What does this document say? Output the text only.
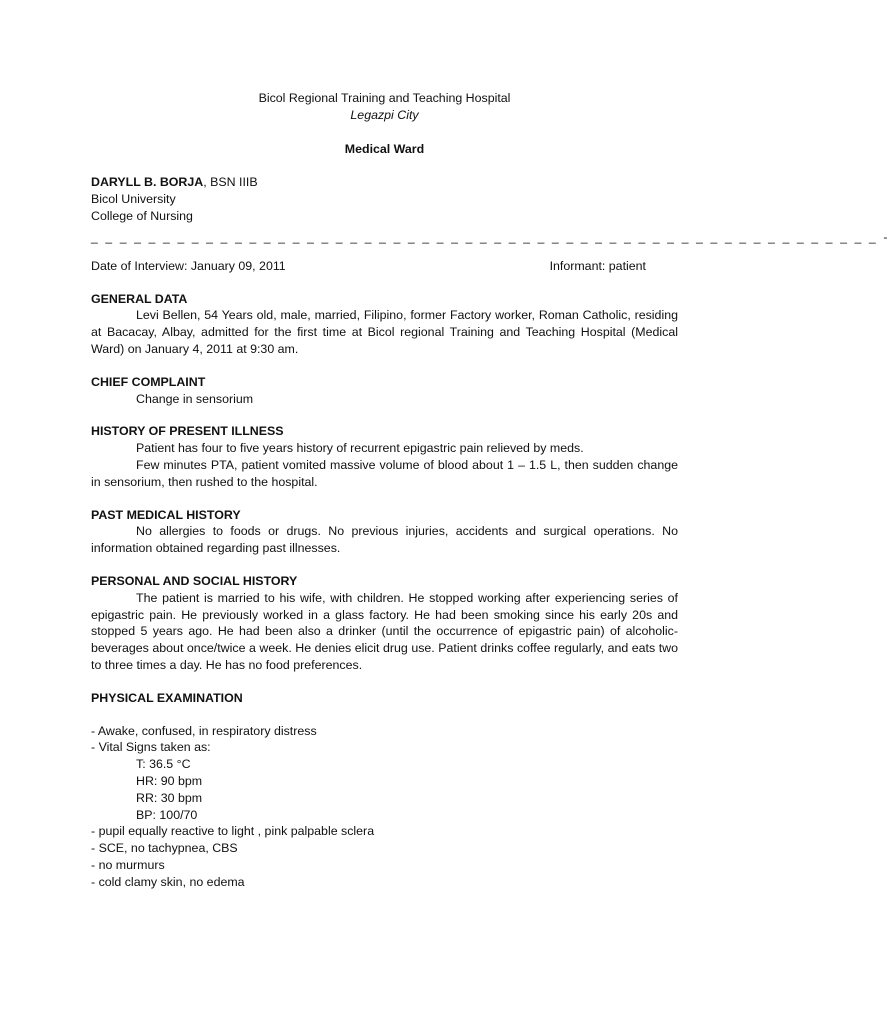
Bicol Regional Training and Teaching Hospital
Legazpi City
Medical Ward
DARYLL B. BORJA, BSN IIIB
Bicol University
College of Nursing
_ _ _ _ _ _ _ _ _ _ _ _ _ _ _ _ _ _ _ _ _ _ _ _ _ _ _ _ _ _ _ _ _ _ _ _ _ _ _ _ _ _ _ _ _ _ _ _ _ _ _ _ _ _ _ -
Date of Interview: January 09, 2011	Informant: patient
GENERAL DATA
Levi Bellen, 54 Years old, male, married, Filipino, former Factory worker, Roman Catholic, residing at Bacacay, Albay, admitted for the first time at Bicol regional Training and Teaching Hospital (Medical Ward) on January 4, 2011 at 9:30 am.
CHIEF COMPLAINT
Change in sensorium
HISTORY OF PRESENT ILLNESS
Patient has four to five years history of recurrent epigastric pain relieved by meds.
Few minutes PTA, patient vomited massive volume of blood about 1 – 1.5 L, then sudden change in sensorium, then rushed to the hospital.
PAST MEDICAL HISTORY
No allergies to foods or drugs. No previous injuries, accidents and surgical operations. No information obtained regarding past illnesses.
PERSONAL AND SOCIAL HISTORY
The patient is married to his wife, with children. He stopped working after experiencing series of epigastric pain. He previously worked in a glass factory. He had been smoking since his early 20s and stopped 5 years ago. He had been also a drinker (until the occurrence of epigastric pain) of alcoholic-beverages about once/twice a week. He denies elicit drug use. Patient drinks coffee regularly, and eats two to three times a day. He has no food preferences.
PHYSICAL EXAMINATION
- Awake, confused, in respiratory distress
- Vital Signs taken as:
T: 36.5 °C
HR: 90 bpm
RR: 30 bpm
BP: 100/70
- pupil equally reactive to light , pink palpable sclera
- SCE, no tachypnea, CBS
- no murmurs
- cold clamy skin, no edema
